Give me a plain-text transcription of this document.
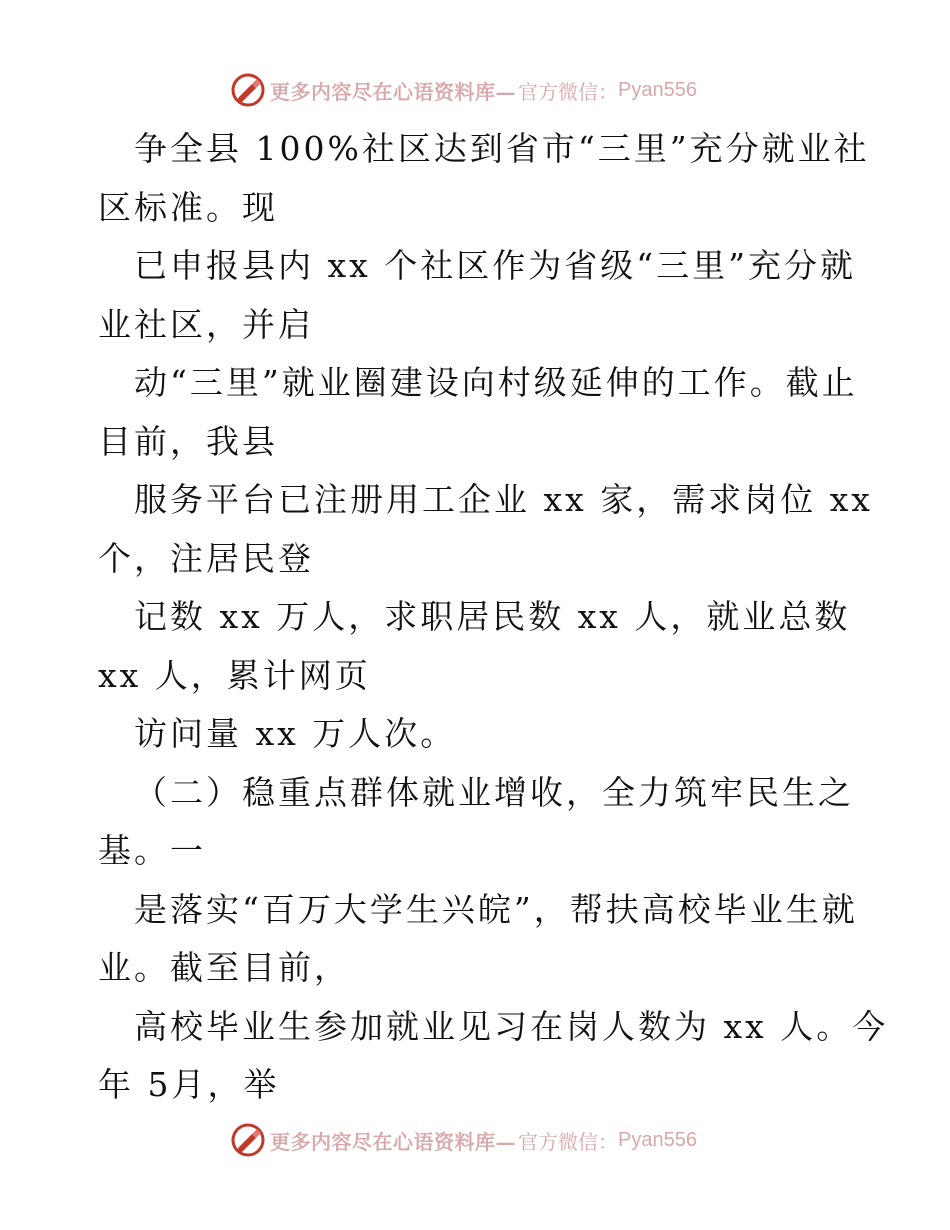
更多内容尽在心语资料库— 官方微信： Pyan556
争全县 100%社区达到省市“三里”充分就业社
区标准。现
已申报县内 xx 个社区作为省级“三里”充分就
业社区，并启
动“三里”就业圈建设向村级延伸的工作。截止
目前，我县
服务平台已注册用工企业 xx 家，需求岗位 xx
个，注居民登
记数 xx 万人，求职居民数 xx 人，就业总数
xx 人，累计网页
访问量 xx 万人次。
（二）稳重点群体就业增收，全力筑牢民生之
基。一
是落实“百万大学生兴皖”，帮扶高校毕业生就
业。截至目前，
高校毕业生参加就业见习在岗人数为 xx 人。今
年 5月，举
更多内容尽在心语资料库— 官方微信： Pyan556
